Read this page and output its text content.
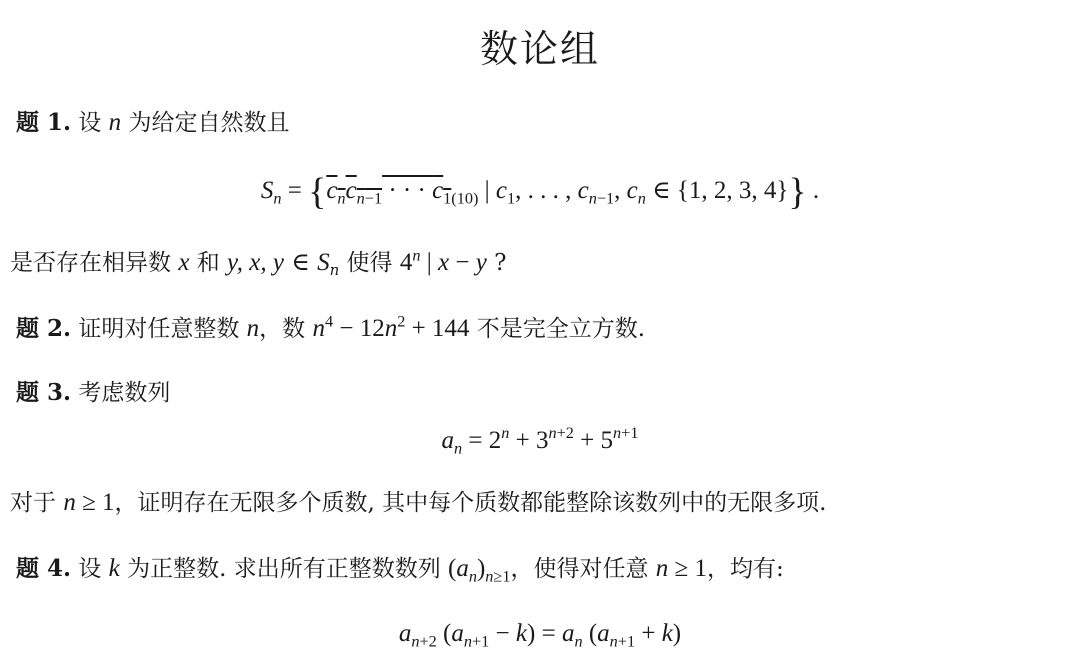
数论组
题 1. 设 n 为给定自然数且
$S_n = \{c_nc_{n-1}$ · · · $c_{1(10)}$ | $c_1$, . . . , $c_{n-1}$, $c_n$ ∈ {1, 2, 3, 4}} .
是否存在相异数 x 和 y, x, y ∈ $S_n$ 使得 4$^n$ | x − y ?
题 2. 证明对任意整数 n，数 $n^4 - 12n^2 + 144$ 不是完全立方数.
题 3. 考虑数列
$a_n = 2^n + 3^{n+2} + 5^{n+1}$
对于 n ≥ 1，证明存在无限多个质数, 其中每个质数都能整除该数列中的无限多项.
题 4. 设 k 为正整数. 求出所有正整数数列 $(a_n)_{n\ge 1}$，使得对任意 n ≥ 1，均有:
$a_{n+2}$ $(a_{n+1} - k) = a_n$ $(a_{n+1} + k)$
